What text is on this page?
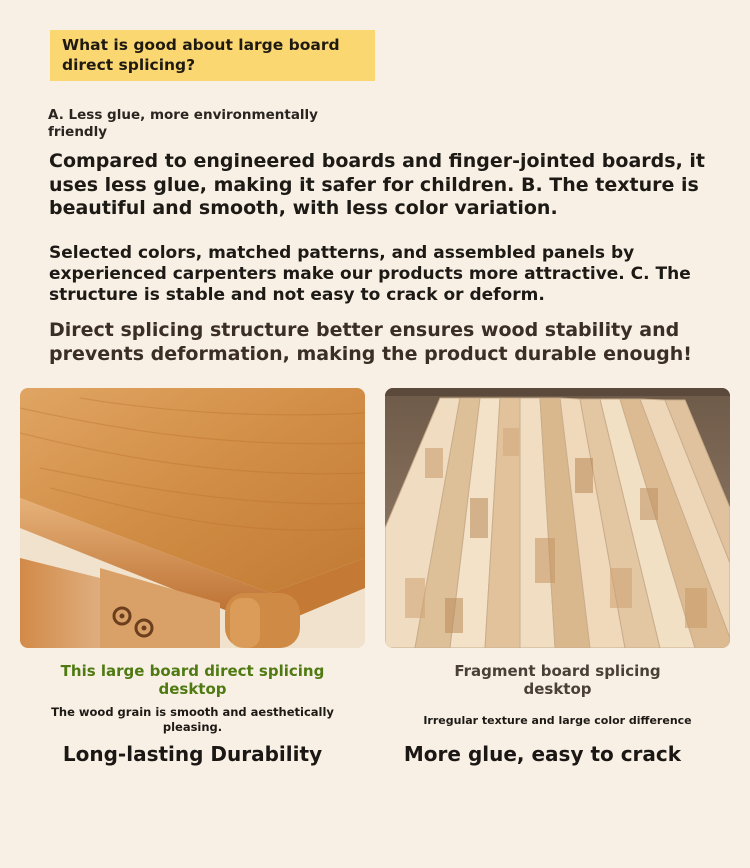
What is good about large board
direct splicing?
A. Less glue, more environmentally friendly
Compared to engineered boards and finger-jointed boards, it uses less glue, making it safer for children. B. The texture is beautiful and smooth, with less color variation.
Selected colors, matched patterns, and assembled panels by experienced carpenters make our products more attractive. C. The structure is stable and not easy to crack or deform.
Direct splicing structure better ensures wood stability and prevents deformation, making the product durable enough!
This large board direct splicing desktop
Fragment board splicing desktop
The wood grain is smooth and aesthetically pleasing.	Irregular texture and large color difference
Long-lasting Durability	More glue, easy to crack
